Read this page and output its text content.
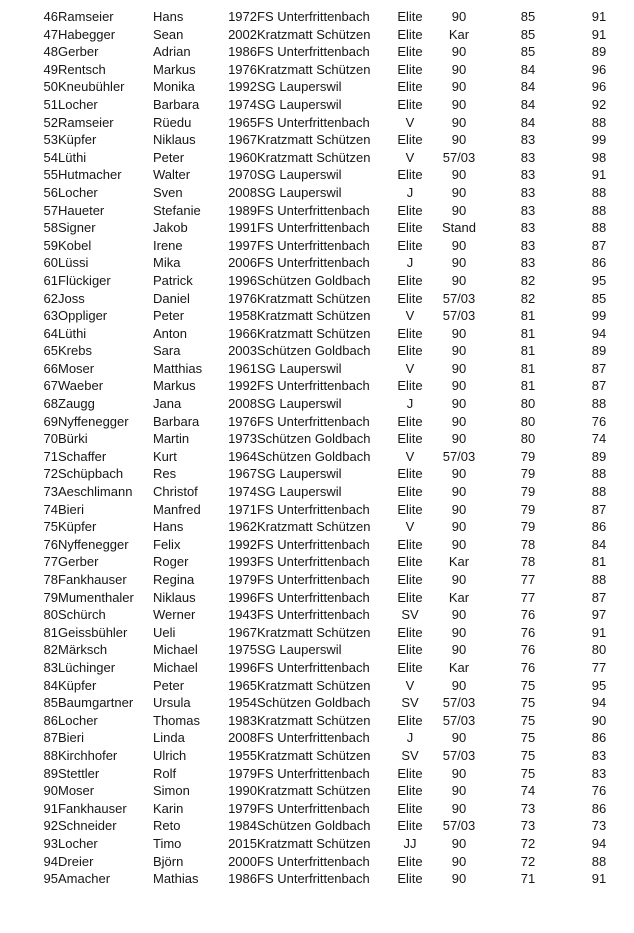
46	Ramseier	Hans	1972	FS Unterfrittenbach	Elite	90	85	91
47	Habegger	Sean	2002	Kratzmatt Schützen	Elite	Kar	85	91
48	Gerber	Adrian	1986	FS Unterfrittenbach	Elite	90	85	89
49	Rentsch	Markus	1976	Kratzmatt Schützen	Elite	90	84	96
50	Kneubühler	Monika	1992	SG Lauperswil	Elite	90	84	96
51	Locher	Barbara	1974	SG Lauperswil	Elite	90	84	92
52	Ramseier	Rüedu	1965	FS Unterfrittenbach	V	90	84	88
53	Küpfer	Niklaus	1967	Kratzmatt Schützen	Elite	90	83	99
54	Lüthi	Peter	1960	Kratzmatt Schützen	V	57/03	83	98
55	Hutmacher	Walter	1970	SG Lauperswil	Elite	90	83	91
56	Locher	Sven	2008	SG Lauperswil	J	90	83	88
57	Haueter	Stefanie	1989	FS Unterfrittenbach	Elite	90	83	88
58	Signer	Jakob	1991	FS Unterfrittenbach	Elite	Stand	83	88
59	Kobel	Irene	1997	FS Unterfrittenbach	Elite	90	83	87
60	Lüssi	Mika	2006	FS Unterfrittenbach	J	90	83	86
61	Flückiger	Patrick	1996	Schützen Goldbach	Elite	90	82	95
62	Joss	Daniel	1976	Kratzmatt Schützen	Elite	57/03	82	85
63	Oppliger	Peter	1958	Kratzmatt Schützen	V	57/03	81	99
64	Lüthi	Anton	1966	Kratzmatt Schützen	Elite	90	81	94
65	Krebs	Sara	2003	Schützen Goldbach	Elite	90	81	89
66	Moser	Matthias	1961	SG Lauperswil	V	90	81	87
67	Waeber	Markus	1992	FS Unterfrittenbach	Elite	90	81	87
68	Zaugg	Jana	2008	SG Lauperswil	J	90	80	88
69	Nyffenegger	Barbara	1976	FS Unterfrittenbach	Elite	90	80	76
70	Bürki	Martin	1973	Schützen Goldbach	Elite	90	80	74
71	Schaffer	Kurt	1964	Schützen Goldbach	V	57/03	79	89
72	Schüpbach	Res	1967	SG Lauperswil	Elite	90	79	88
73	Aeschlimann	Christof	1974	SG Lauperswil	Elite	90	79	88
74	Bieri	Manfred	1971	FS Unterfrittenbach	Elite	90	79	87
75	Küpfer	Hans	1962	Kratzmatt Schützen	V	90	79	86
76	Nyffenegger	Felix	1992	FS Unterfrittenbach	Elite	90	78	84
77	Gerber	Roger	1993	FS Unterfrittenbach	Elite	Kar	78	81
78	Fankhauser	Regina	1979	FS Unterfrittenbach	Elite	90	77	88
79	Mumenthaler	Niklaus	1996	FS Unterfrittenbach	Elite	Kar	77	87
80	Schürch	Werner	1943	FS Unterfrittenbach	SV	90	76	97
81	Geissbühler	Ueli	1967	Kratzmatt Schützen	Elite	90	76	91
82	Märksch	Michael	1975	SG Lauperswil	Elite	90	76	80
83	Lüchinger	Michael	1996	FS Unterfrittenbach	Elite	Kar	76	77
84	Küpfer	Peter	1965	Kratzmatt Schützen	V	90	75	95
85	Baumgartner	Ursula	1954	Schützen Goldbach	SV	57/03	75	94
86	Locher	Thomas	1983	Kratzmatt Schützen	Elite	57/03	75	90
87	Bieri	Linda	2008	FS Unterfrittenbach	J	90	75	86
88	Kirchhofer	Ulrich	1955	Kratzmatt Schützen	SV	57/03	75	83
89	Stettler	Rolf	1979	FS Unterfrittenbach	Elite	90	75	83
90	Moser	Simon	1990	Kratzmatt Schützen	Elite	90	74	76
91	Fankhauser	Karin	1979	FS Unterfrittenbach	Elite	90	73	86
92	Schneider	Reto	1984	Schützen Goldbach	Elite	57/03	73	73
93	Locher	Timo	2015	Kratzmatt Schützen	JJ	90	72	94
94	Dreier	Björn	2000	FS Unterfrittenbach	Elite	90	72	88
95	Amacher	Mathias	1986	FS Unterfrittenbach	Elite	90	71	91
